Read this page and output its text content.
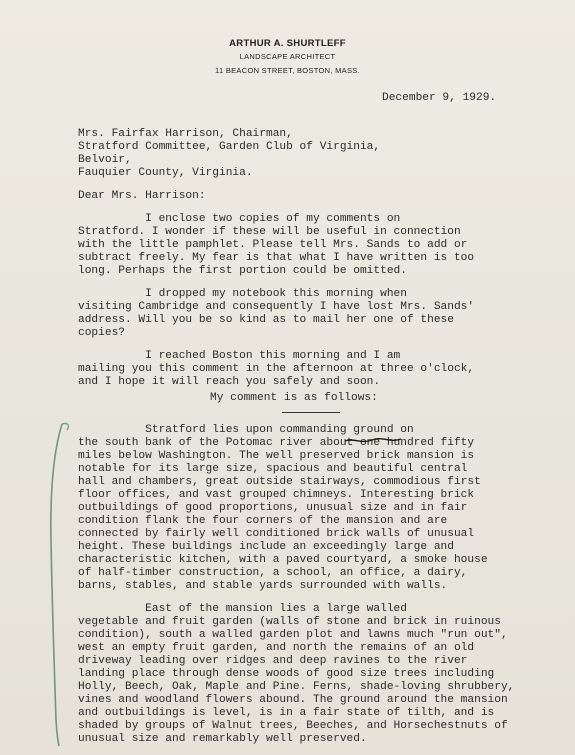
ARTHUR A. SHURTLEFF
LANDSCAPE ARCHITECT
11 BEACON STREET, BOSTON, MASS.
December 9, 1929.
Mrs. Fairfax Harrison, Chairman,
Stratford Committee, Garden Club of Virginia,
Belvoir,
Fauquier County, Virginia.
Dear Mrs. Harrison:
I enclose two copies of my comments on
Stratford. I wonder if these will be useful in connection
with the little pamphlet. Please tell Mrs. Sands to add or
subtract freely. My fear is that what I have written is too
long. Perhaps the first portion could be omitted.
I dropped my notebook this morning when
visiting Cambridge and consequently I have lost Mrs. Sands'
address. Will you be so kind as to mail her one of these
copies?
I reached Boston this morning and I am
mailing you this comment in the afternoon at three o'clock,
and I hope it will reach you safely and soon.
My comment is as follows:
Stratford lies upon commanding ground on
the south bank of the Potomac river about one hundred fifty
miles below Washington. The well preserved brick mansion is
notable for its large size, spacious and beautiful central
hall and chambers, great outside stairways, commodious first
floor offices, and vast grouped chimneys. Interesting brick
outbuildings of good proportions, unusual size and in fair
condition flank the four corners of the mansion and are
connected by fairly well conditioned brick walls of unusual
height. These buildings include an exceedingly large and
characteristic kitchen, with a paved courtyard, a smoke house
of half-timber construction, a school, an office, a dairy,
barns, stables, and stable yards surrounded with walls.
East of the mansion lies a large walled
vegetable and fruit garden (walls of stone and brick in ruinous
condition), south a walled garden plot and lawns much "run out",
west an empty fruit garden, and north the remains of an old
driveway leading over ridges and deep ravines to the river
landing place through dense woods of good size trees including
Holly, Beech, Oak, Maple and Pine. Ferns, shade-loving shrubbery,
vines and woodland flowers abound. The ground around the mansion
and outbuildings is level, is in a fair state of tilth, and is
shaded by groups of Walnut trees, Beeches, and Horsechestnuts of
unusual size and remarkably well preserved.
